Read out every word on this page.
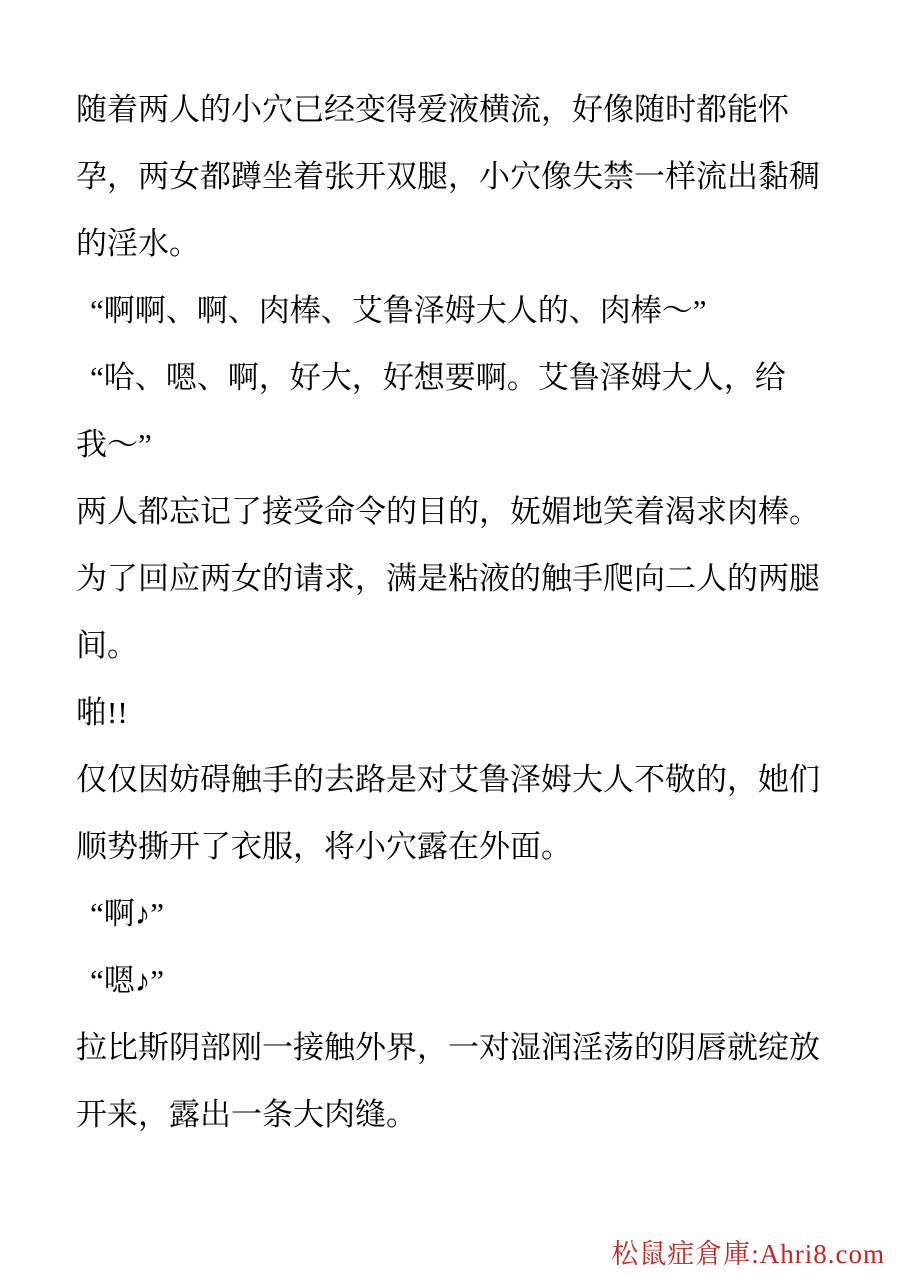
随着两人的小穴已经变得爱液横流，好像随时都能怀
孕，两女都蹲坐着张开双腿，小穴像失禁一样流出黏稠
的淫水。
“啊啊、啊、肉棒、艾鲁泽姆大人的、肉棒～”
“哈、嗯、啊，好大，好想要啊。艾鲁泽姆大人，给
我～”
两人都忘记了接受命令的目的，妩媚地笑着渴求肉棒。
为了回应两女的请求，满是粘液的触手爬向二人的两腿
间。
啪!!
仅仅因妨碍触手的去路是对艾鲁泽姆大人不敬的，她们
顺势撕开了衣服，将小穴露在外面。
“啊♪”
“嗯♪”
拉比斯阴部刚一接触外界，一对湿润淫荡的阴唇就绽放
开来，露出一条大肉缝。
松鼠症倉庫:Ahri8.com
